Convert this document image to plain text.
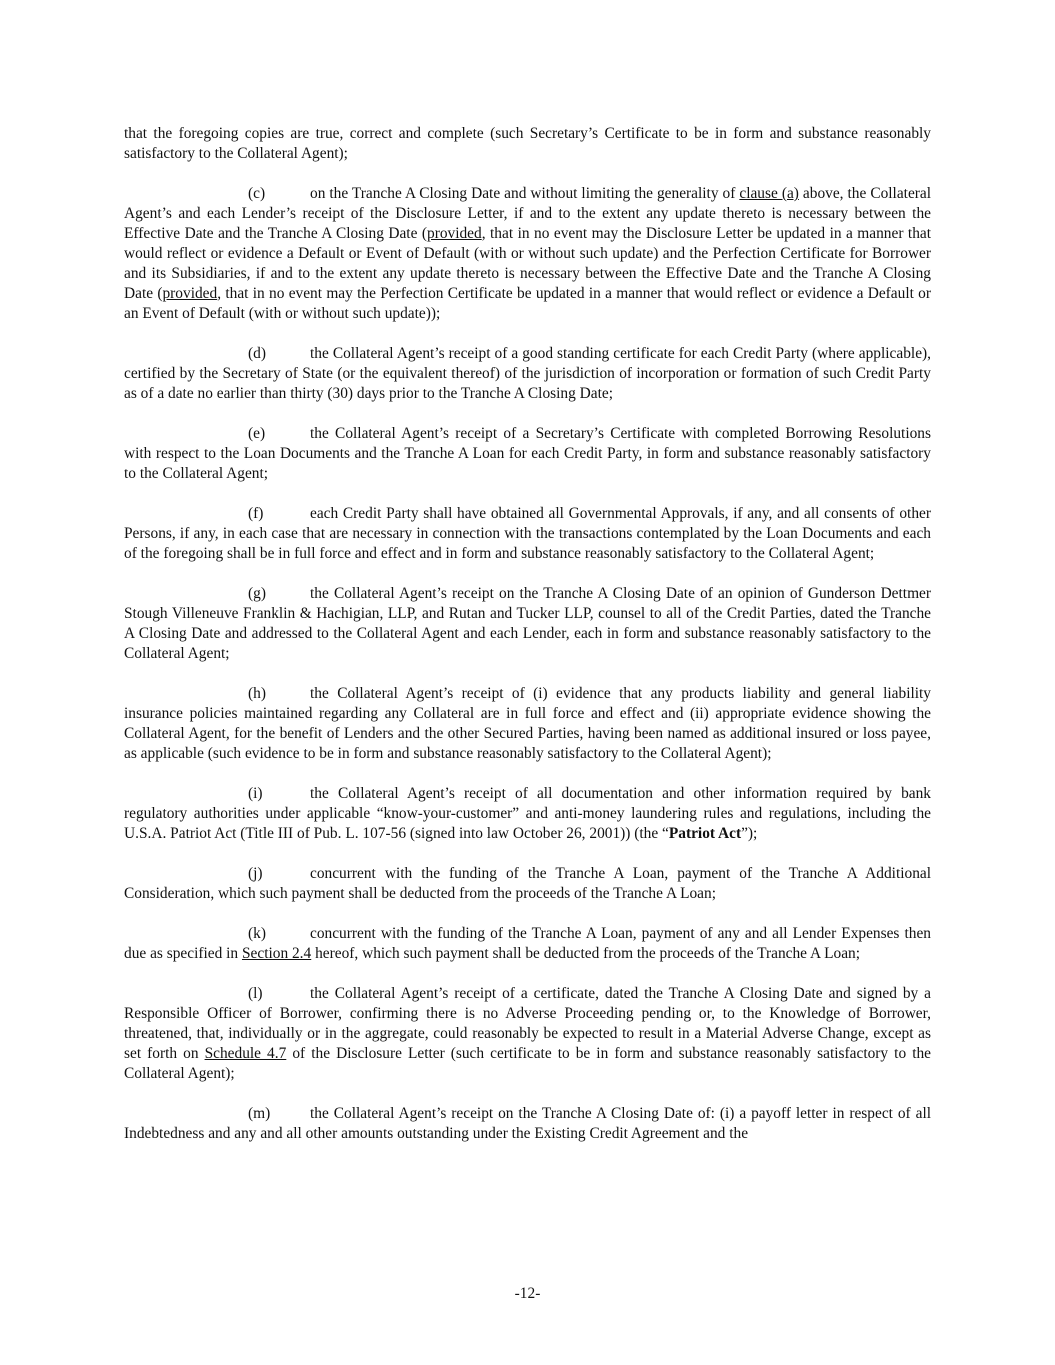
that the foregoing copies are true, correct and complete (such Secretary’s Certificate to be in form and substance reasonably satisfactory to the Collateral Agent);

(c)	on the Tranche A Closing Date and without limiting the generality of clause (a) above, the Collateral Agent’s and each Lender’s receipt of the Disclosure Letter, if and to the extent any update thereto is necessary between the Effective Date and the Tranche A Closing Date (provided, that in no event may the Disclosure Letter be updated in a manner that would reflect or evidence a Default or Event of Default (with or without such update) and the Perfection Certificate for Borrower and its Subsidiaries, if and to the extent any update thereto is necessary between the Effective Date and the Tranche A Closing Date (provided, that in no event may the Perfection Certificate be updated in a manner that would reflect or evidence a Default or an Event of Default (with or without such update));

(d)	the Collateral Agent’s receipt of a good standing certificate for each Credit Party (where applicable), certified by the Secretary of State (or the equivalent thereof) of the jurisdiction of incorporation or formation of such Credit Party as of a date no earlier than thirty (30) days prior to the Tranche A Closing Date;

(e)	the Collateral Agent’s receipt of a Secretary’s Certificate with completed Borrowing Resolutions with respect to the Loan Documents and the Tranche A Loan for each Credit Party, in form and substance reasonably satisfactory to the Collateral Agent;

(f)	each Credit Party shall have obtained all Governmental Approvals, if any, and all consents of other Persons, if any, in each case that are necessary in connection with the transactions contemplated by the Loan Documents and each of the foregoing shall be in full force and effect and in form and substance reasonably satisfactory to the Collateral Agent;

(g)	the Collateral Agent’s receipt on the Tranche A Closing Date of an opinion of Gunderson Dettmer Stough Villeneuve Franklin & Hachigian, LLP, and Rutan and Tucker LLP, counsel to all of the Credit Parties, dated the Tranche A Closing Date and addressed to the Collateral Agent and each Lender, each in form and substance reasonably satisfactory to the Collateral Agent;

(h)	the Collateral Agent’s receipt of (i) evidence that any products liability and general liability insurance policies maintained regarding any Collateral are in full force and effect and (ii) appropriate evidence showing the Collateral Agent, for the benefit of Lenders and the other Secured Parties, having been named as additional insured or loss payee, as applicable (such evidence to be in form and substance reasonably satisfactory to the Collateral Agent);

(i)	the Collateral Agent’s receipt of all documentation and other information required by bank regulatory authorities under applicable “know-your-customer” and anti-money laundering rules and regulations, including the U.S.A. Patriot Act (Title III of Pub. L. 107-56 (signed into law October 26, 2001)) (the “Patriot Act”);

(j)	concurrent with the funding of the Tranche A Loan, payment of the Tranche A Additional Consideration, which such payment shall be deducted from the proceeds of the Tranche A Loan;

(k)	concurrent with the funding of the Tranche A Loan, payment of any and all Lender Expenses then due as specified in Section 2.4 hereof, which such payment shall be deducted from the proceeds of the Tranche A Loan;

(l)	the Collateral Agent’s receipt of a certificate, dated the Tranche A Closing Date and signed by a Responsible Officer of Borrower, confirming there is no Adverse Proceeding pending or, to the Knowledge of Borrower, threatened, that, individually or in the aggregate, could reasonably be expected to result in a Material Adverse Change, except as set forth on Schedule 4.7 of the Disclosure Letter (such certificate to be in form and substance reasonably satisfactory to the Collateral Agent);

(m)	the Collateral Agent’s receipt on the Tranche A Closing Date of: (i) a payoff letter in respect of all Indebtedness and any and all other amounts outstanding under the Existing Credit Agreement and the

-12-
